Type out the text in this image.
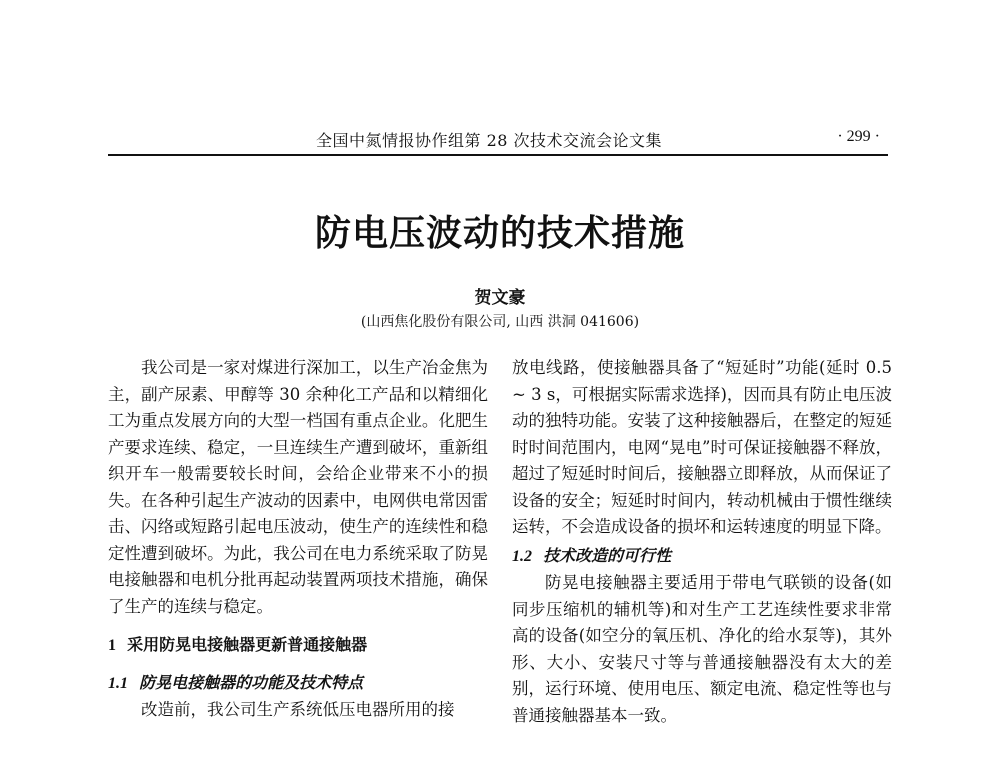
全国中氮情报协作组第 28 次技术交流会论文集	· 299 ·
防电压波动的技术措施
贺文豪
(山西焦化股份有限公司, 山西 洪洞 041606)

我公司是一家对煤进行深加工，以生产冶金焦为主，副产尿素、甲醇等 30 余种化工产品和以精细化工为重点发展方向的大型一档国有重点企业。化肥生产要求连续、稳定，一旦连续生产遭到破坏，重新组织开车一般需要较长时间，会给企业带来不小的损失。在各种引起生产波动的因素中，电网供电常因雷击、闪络或短路引起电压波动，使生产的连续性和稳定性遭到破坏。为此，我公司在电力系统采取了防晃电接触器和电机分批再起动装置两项技术措施，确保了生产的连续与稳定。

1 采用防晃电接触器更新普通接触器
1.1 防晃电接触器的功能及技术特点

改造前，我公司生产系统低压电器所用的接

放电线路，使接触器具备了“短延时”功能(延时 0.5 ~ 3 s，可根据实际需求选择)，因而具有防止电压波动的独特功能。安装了这种接触器后，在整定的短延时时间范围内，电网“晃电”时可保证接触器不释放，超过了短延时时间后，接触器立即释放，从而保证了设备的安全；短延时时间内，转动机械由于惯性继续运转，不会造成设备的损坏和运转速度的明显下降。

1.2 技术改造的可行性

防晃电接触器主要适用于带电气联锁的设备(如同步压缩机的辅机等)和对生产工艺连续性要求非常高的设备(如空分的氧压机、净化的给水泵等)，其外形、大小、安装尺寸等与普通接触器没有太大的差别，运行环境、使用电压、额定电流、稳定性等也与普通接触器基本一致。
